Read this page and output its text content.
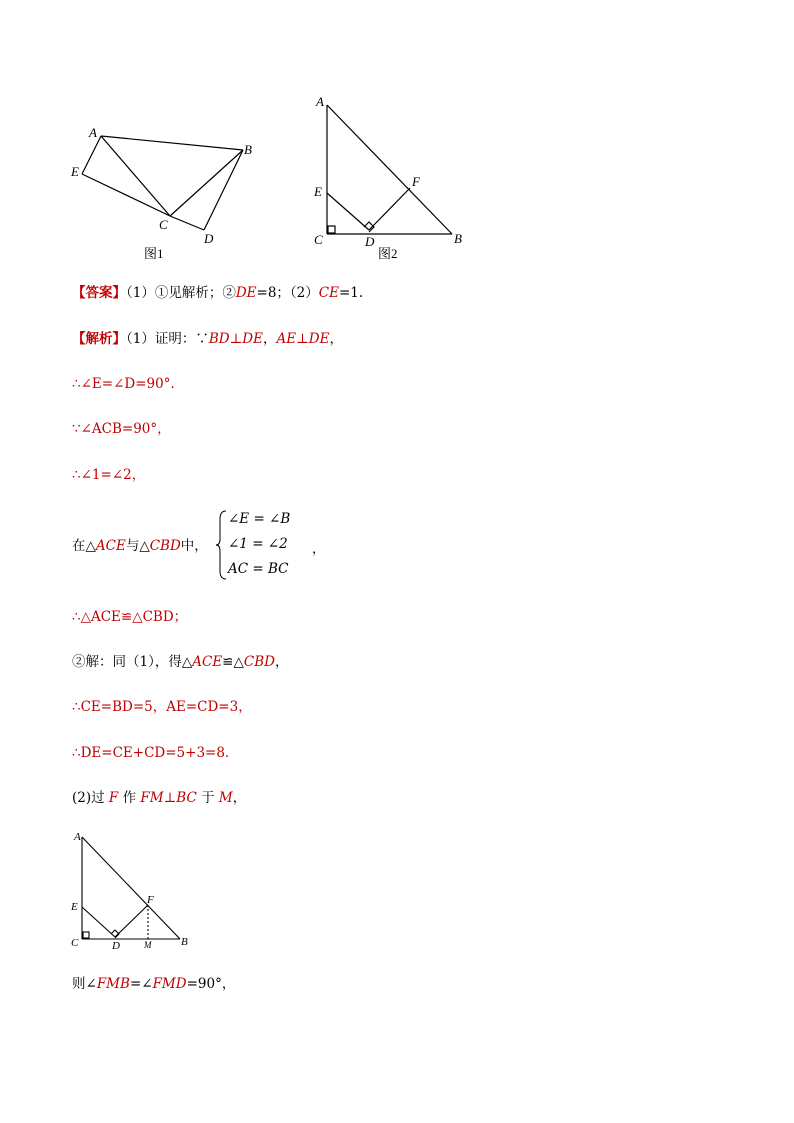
A
B
C
D
E
图1
A
B
C	D
E
F
图2
【答案】（1）①见解析；②DE=8；（2）CE=1.
【解析】（1）证明：∵BD⊥DE，AE⊥DE，
∴∠E=∠D=90°．
∵∠ACB=90°，
∴∠1=∠2，
在△ACE与△CBD中，
∠E = ∠B
∠1 = ∠2
AC = BC
，
∴△ACE≌△CBD；
②解：同（1），得△ACE≌△CBD，
∴CE=BD=5，AE=CD=3，
∴DE=CE+CD=5+3=8．
(2)过 F 作 FM⊥BC 于 M，
A
B
C	D
E
F
M
则∠FMB=∠FMD=90°，
